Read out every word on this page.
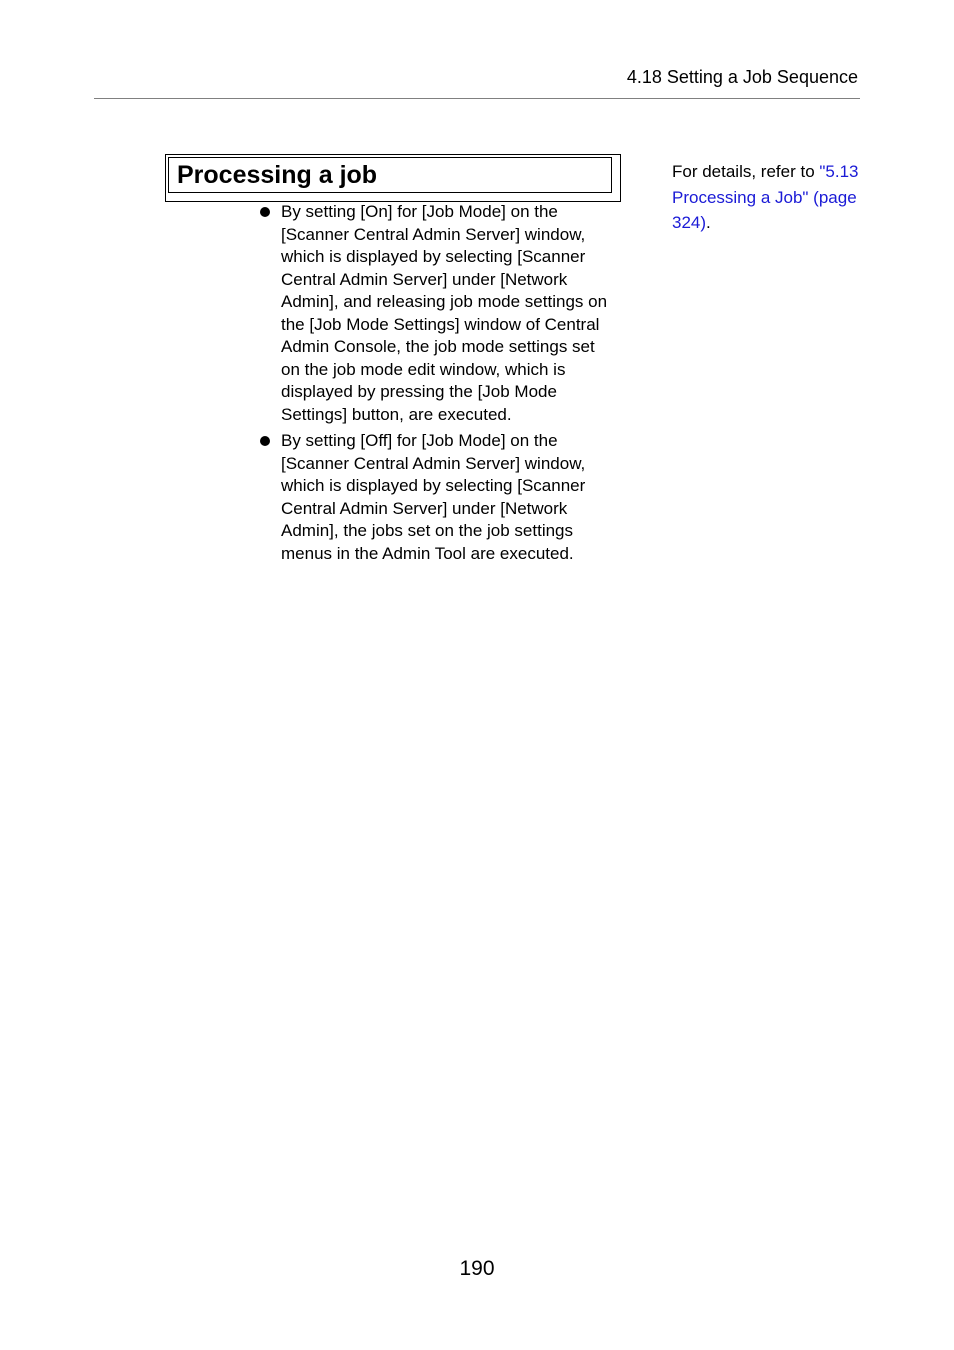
4.18 Setting a Job Sequence
Processing a job
By setting [On] for [Job Mode] on the [Scanner Central Admin Server] window, which is displayed by selecting [Scanner Central Admin Server] under [Network Admin], and releasing job mode settings on the [Job Mode Settings] window of Central Admin Console, the job mode settings set on the job mode edit window, which is displayed by pressing the [Job Mode Settings] button, are executed.
By setting [Off] for [Job Mode] on the [Scanner Central Admin Server] window, which is displayed by selecting [Scanner Central Admin Server] under [Network Admin], the jobs set on the job settings menus in the Admin Tool are executed.
For details, refer to "5.13 Processing a Job" (page 324).
190
